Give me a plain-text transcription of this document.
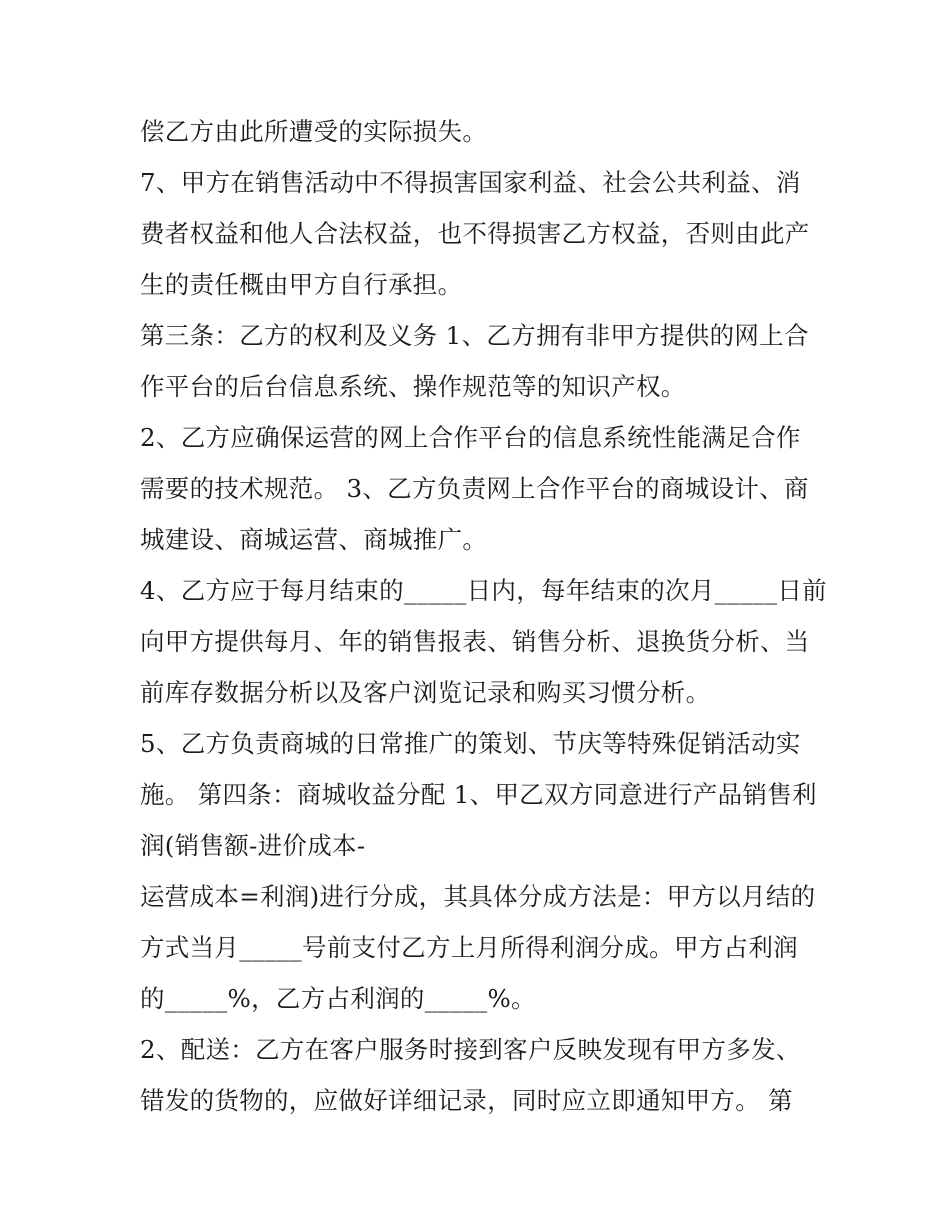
偿乙方由此所遭受的实际损失。
7、甲方在销售活动中不得损害国家利益、社会公共利益、消
费者权益和他人合法权益，也不得损害乙方权益，否则由此产
生的责任概由甲方自行承担。
第三条：乙方的权利及义务 1、乙方拥有非甲方提供的网上合
作平台的后台信息系统、操作规范等的知识产权。
2、乙方应确保运营的网上合作平台的信息系统性能满足合作
需要的技术规范。 3、乙方负责网上合作平台的商城设计、商
城建设、商城运营、商城推广。
4、乙方应于每月结束的_____日内，每年结束的次月_____日前
向甲方提供每月、年的销售报表、销售分析、退换货分析、当
前库存数据分析以及客户浏览记录和购买习惯分析。
5、乙方负责商城的日常推广的策划、节庆等特殊促销活动实
施。 第四条：商城收益分配 1、甲乙双方同意进行产品销售利
润(销售额-进价成本-
运营成本=利润)进行分成，其具体分成方法是：甲方以月结的
方式当月_____号前支付乙方上月所得利润分成。甲方占利润
的_____%，乙方占利润的_____%。
2、配送：乙方在客户服务时接到客户反映发现有甲方多发、
错发的货物的，应做好详细记录，同时应立即通知甲方。 第
